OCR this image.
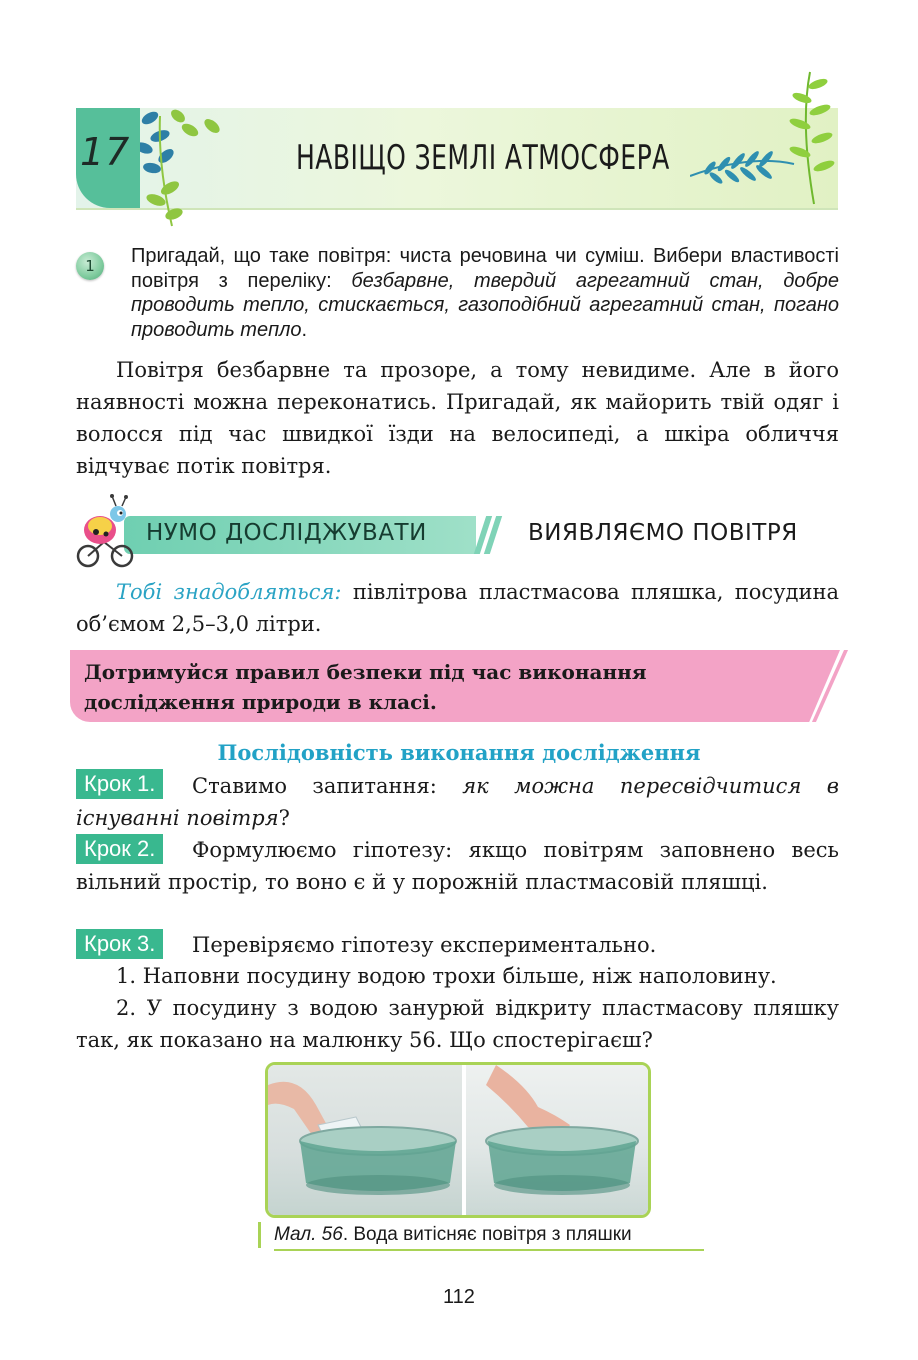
17	НАВІЩО ЗЕМЛІ АТМОСФЕРА
1	Пригадай, що таке повітря: чиста речовина чи суміш. Вибери властивості повітря з переліку: безбарвне, твердий агрегатний стан, добре проводить тепло, стискається, газоподібний агрегатний стан, погано проводить тепло.
Повітря безбарвне та прозоре, а тому невидиме. Але в його наявності можна переконатись. Пригадай, як майорить твій одяг і волосся під час швидкої їзди на велосипеді, а шкіра обличчя відчуває потік повітря.
НУМО ДОСЛІДЖУВАТИ	ВИЯВЛЯЄМО ПОВІТРЯ
Тобі знадобляться: півлітрова пластмасова пляшка, посудина об’ємом 2,5–3,0 літри.
Дотримуйся правил безпеки під час виконання дослідження природи в класі.
Послідовність виконання дослідження
Ставимо запитання: як можна пересвідчитися в існуванні повітря?
Крок 1.
Формулюємо гіпотезу: якщо повітрям заповнено весь вільний простір, то воно є й у порожній пластмасовій пляшці.
Крок 2.
Крок 3.	Перевіряємо гіпотезу експериментально.
1. Наповни посудину водою трохи більше, ніж наполовину.
2. У посудину з водою занурюй відкриту пластмасову пляшку так, як показано на малюнку 56. Що спостерігаєш?
Мал. 56. Вода витісняє повітря з пляшки
112
